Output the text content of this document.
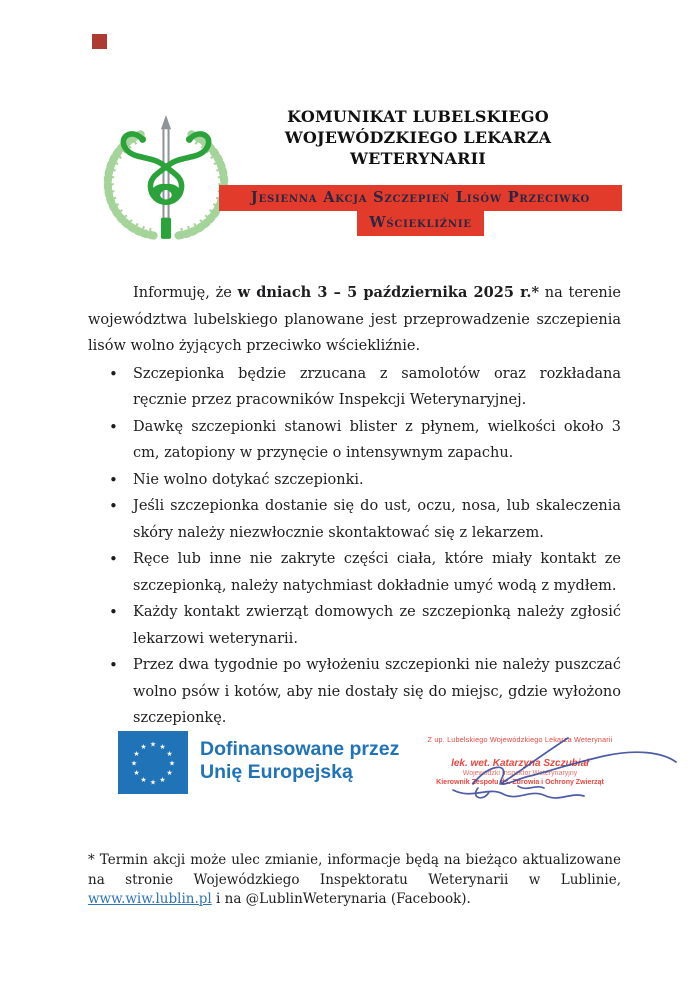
KOMUNIKAT LUBELSKIEGO
WOJEWÓDZKIEGO LEKARZA WETERYNARII
Jesienna Akcja Szczepień Lisów Przeciwko
Wściekliźnie

Informuję, że w dniach 3 – 5 października 2025 r.* na terenie województwa lubelskiego planowane jest przeprowadzenie szczepienia lisów wolno żyjących przeciwko wściekliźnie.

• Szczepionka będzie zrzucana z samolotów oraz rozkładana ręcznie przez pracowników Inspekcji Weterynaryjnej.
• Dawkę szczepionki stanowi blister z płynem, wielkości około 3 cm, zatopiony w przynęcie o intensywnym zapachu.
• Nie wolno dotykać szczepionki.
• Jeśli szczepionka dostanie się do ust, oczu, nosa, lub skaleczenia skóry należy niezwłocznie skontaktować się z lekarzem.
• Ręce lub inne nie zakryte części ciała, które miały kontakt ze szczepionką, należy natychmiast dokładnie umyć wodą z mydłem.
• Każdy kontakt zwierząt domowych ze szczepionką należy zgłosić lekarzowi weterynarii.
• Przez dwa tygodnie po wyłożeniu szczepionki nie należy puszczać wolno psów i kotów, aby nie dostały się do miejsc, gdzie wyłożono szczepionkę.
★ ★
★
★
★
★
★
★
★
★
★
★	Dofinansowane przez
Unię Europejską
Z up. Lubelskiego Wojewódzkiego Lekarza Weterynarii
lek. wet. Katarzyna Szczubiał
Wojewódzki Inspektor Weterynaryjny
Kierownik Zespołu ds. Zdrowia i Ochrony Zwierząt

* Termin akcji może ulec zmianie, informacje będą na bieżąco aktualizowane na stronie Wojewódzkiego Inspektoratu Weterynarii w Lublinie, www.wiw.lublin.pl i na @LublinWeterynaria (Facebook).
